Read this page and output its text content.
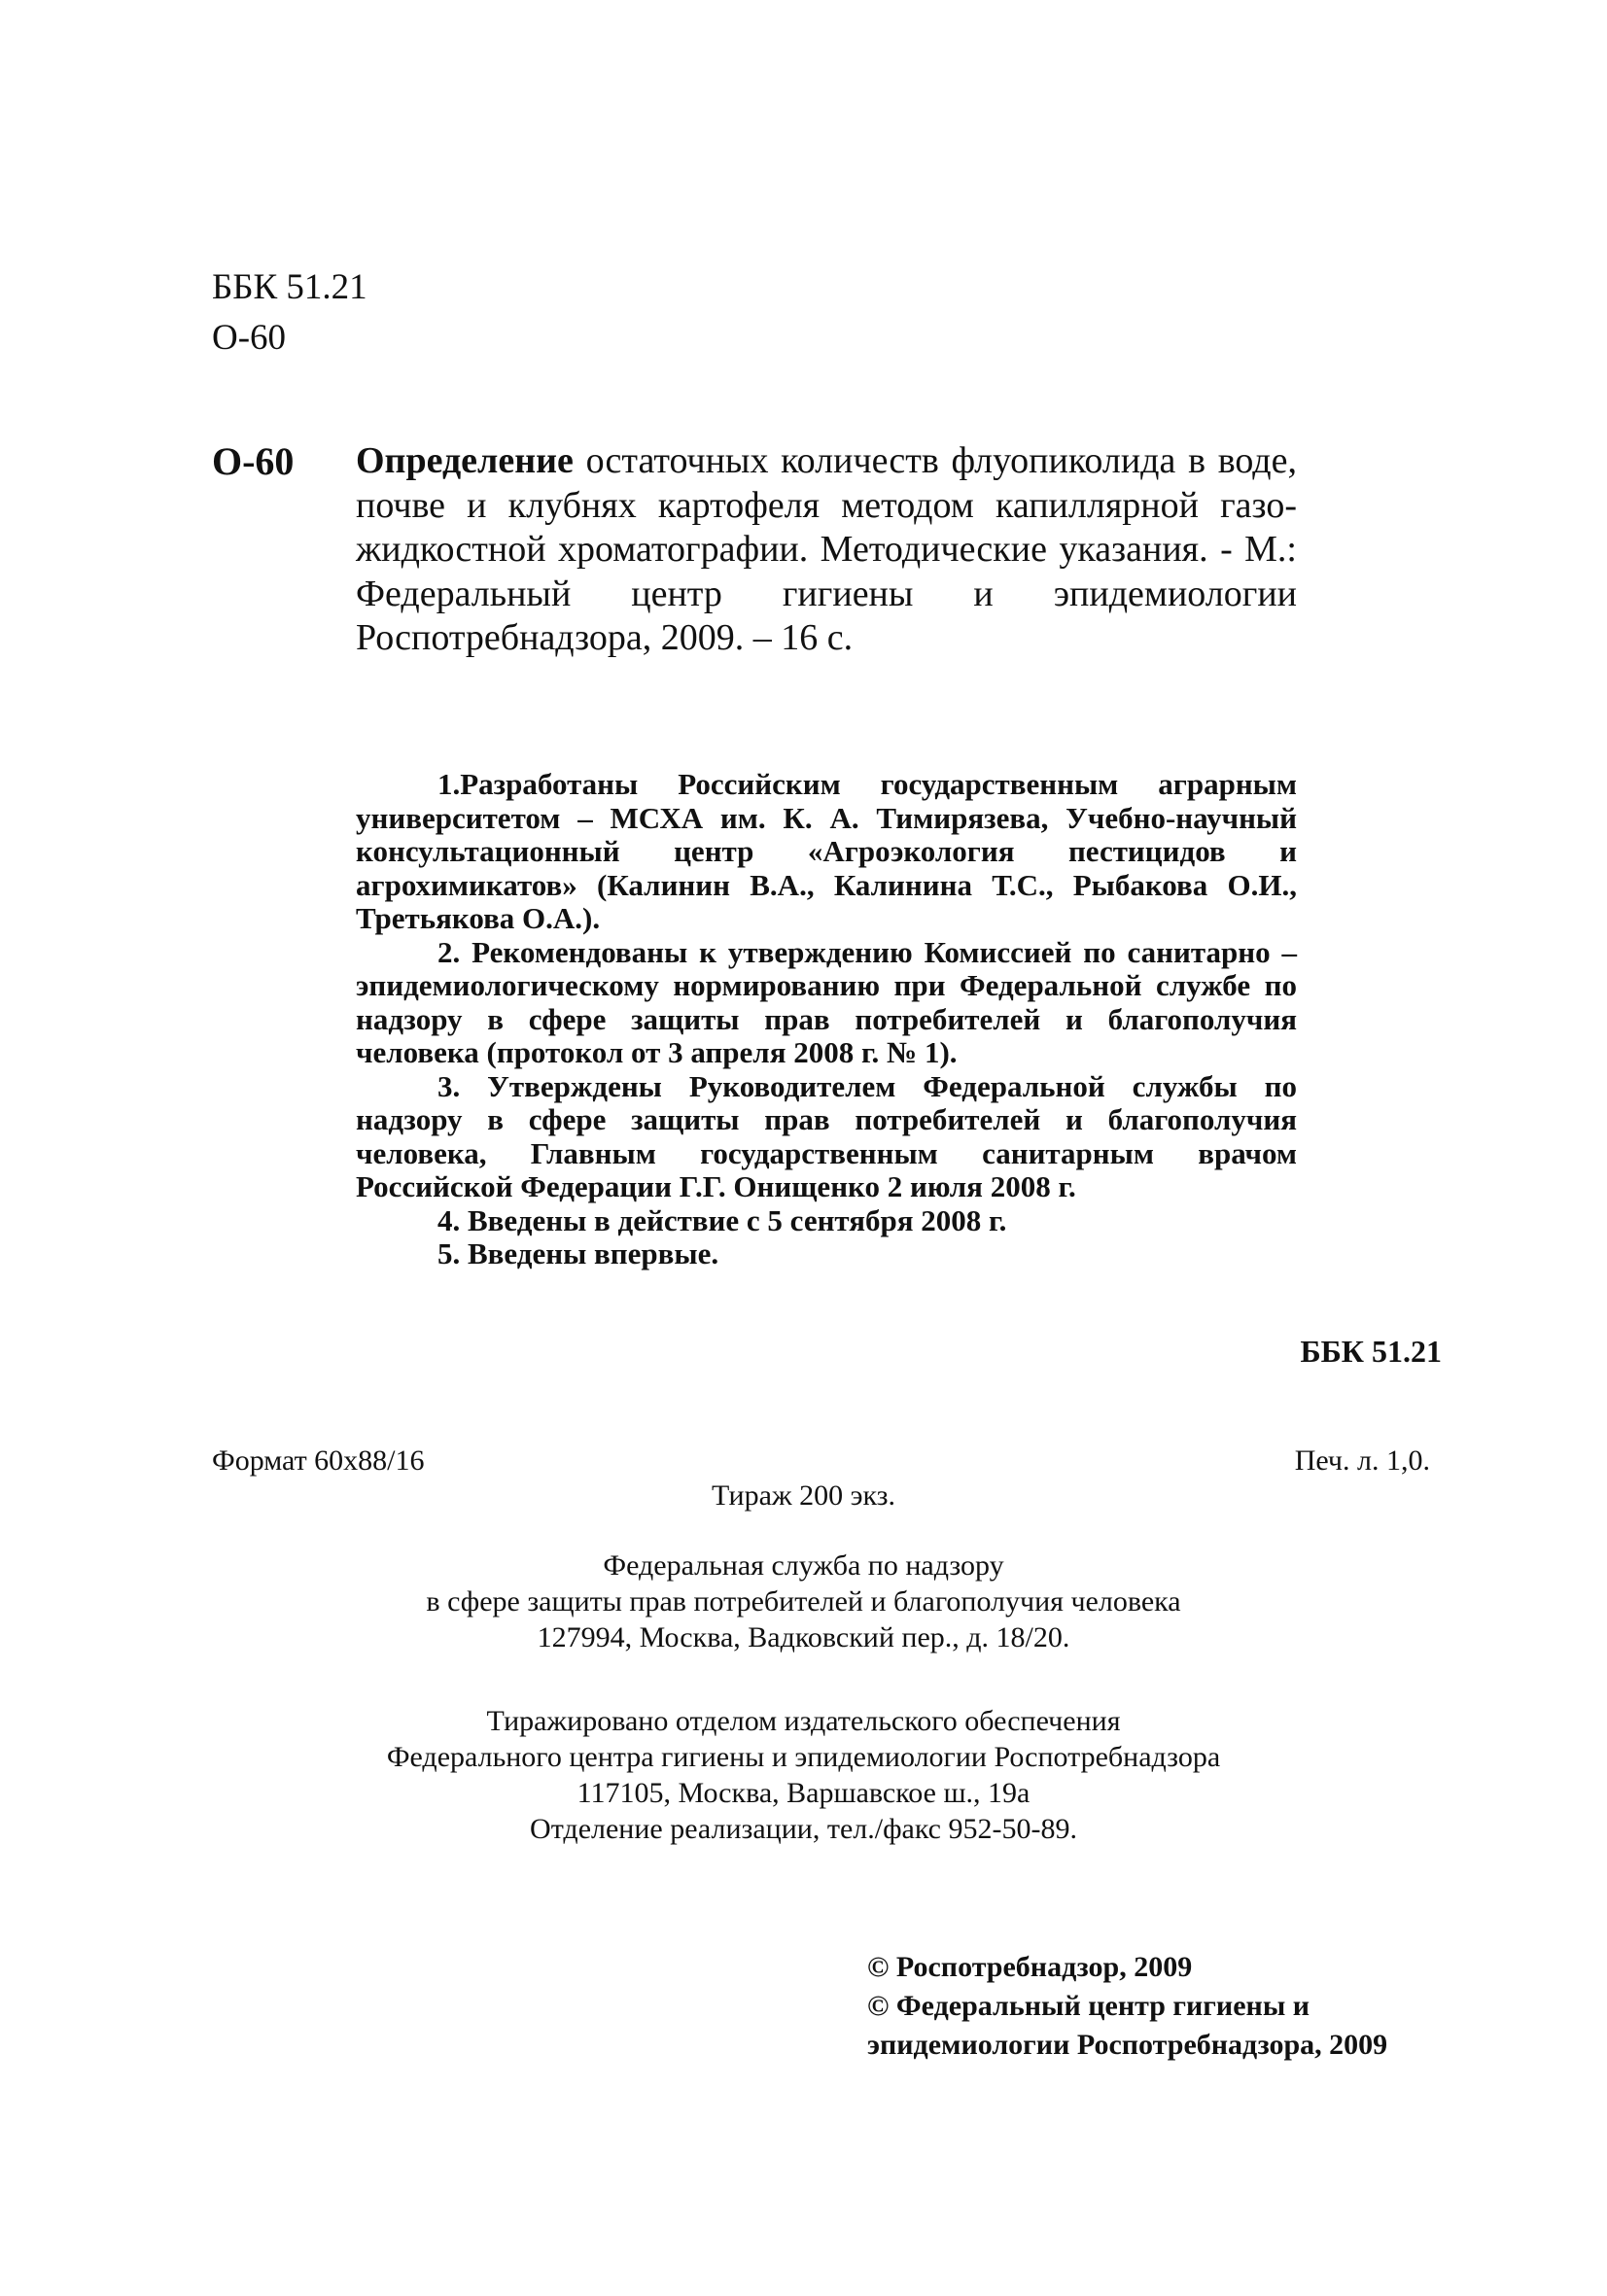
ББК 51.21
О-60
О-60 Определение остаточных количеств флуопиколида в воде, почве и клубнях картофеля методом капиллярной газо-жидкостной хроматографии. Методические указания. - М.: Федеральный центр гигиены и эпидемиологии Роспотребнадзора, 2009. – 16 с.

1.Разработаны Российским государственным аграрным университетом – МСХА им. К. А. Тимирязева, Учебно-научный консультационный центр «Агроэкология пестицидов и агрохимикатов» (Калинин В.А., Калинина Т.С., Рыбакова О.И., Третьякова О.А.).

2. Рекомендованы к утверждению Комиссией по санитарно – эпидемиологическому нормированию при Федеральной службе по надзору в сфере защиты прав потребителей и благополучия человека (протокол от 3 апреля 2008 г. № 1).

3. Утверждены Руководителем Федеральной службы по надзору в сфере защиты прав потребителей и благополучия человека, Главным государственным санитарным врачом Российской Федерации Г.Г. Онищенко 2 июля 2008 г.

4. Введены в действие с 5 сентября 2008 г.

5. Введены впервые.

ББК 51.21
Формат 60х88/16	Печ. л. 1,0.
Тираж 200 экз.
Федеральная служба по надзору
в сфере защиты прав потребителей и благополучия человека
127994, Москва, Вадковский пер., д. 18/20.
Тиражировано отделом издательского обеспечения
Федерального центра гигиены и эпидемиологии Роспотребнадзора
117105, Москва, Варшавское ш., 19а
Отделение реализации, тел./факс 952-50-89.
© Роспотребнадзор, 2009
© Федеральный центр гигиены и
эпидемиологии Роспотребнадзора, 2009
